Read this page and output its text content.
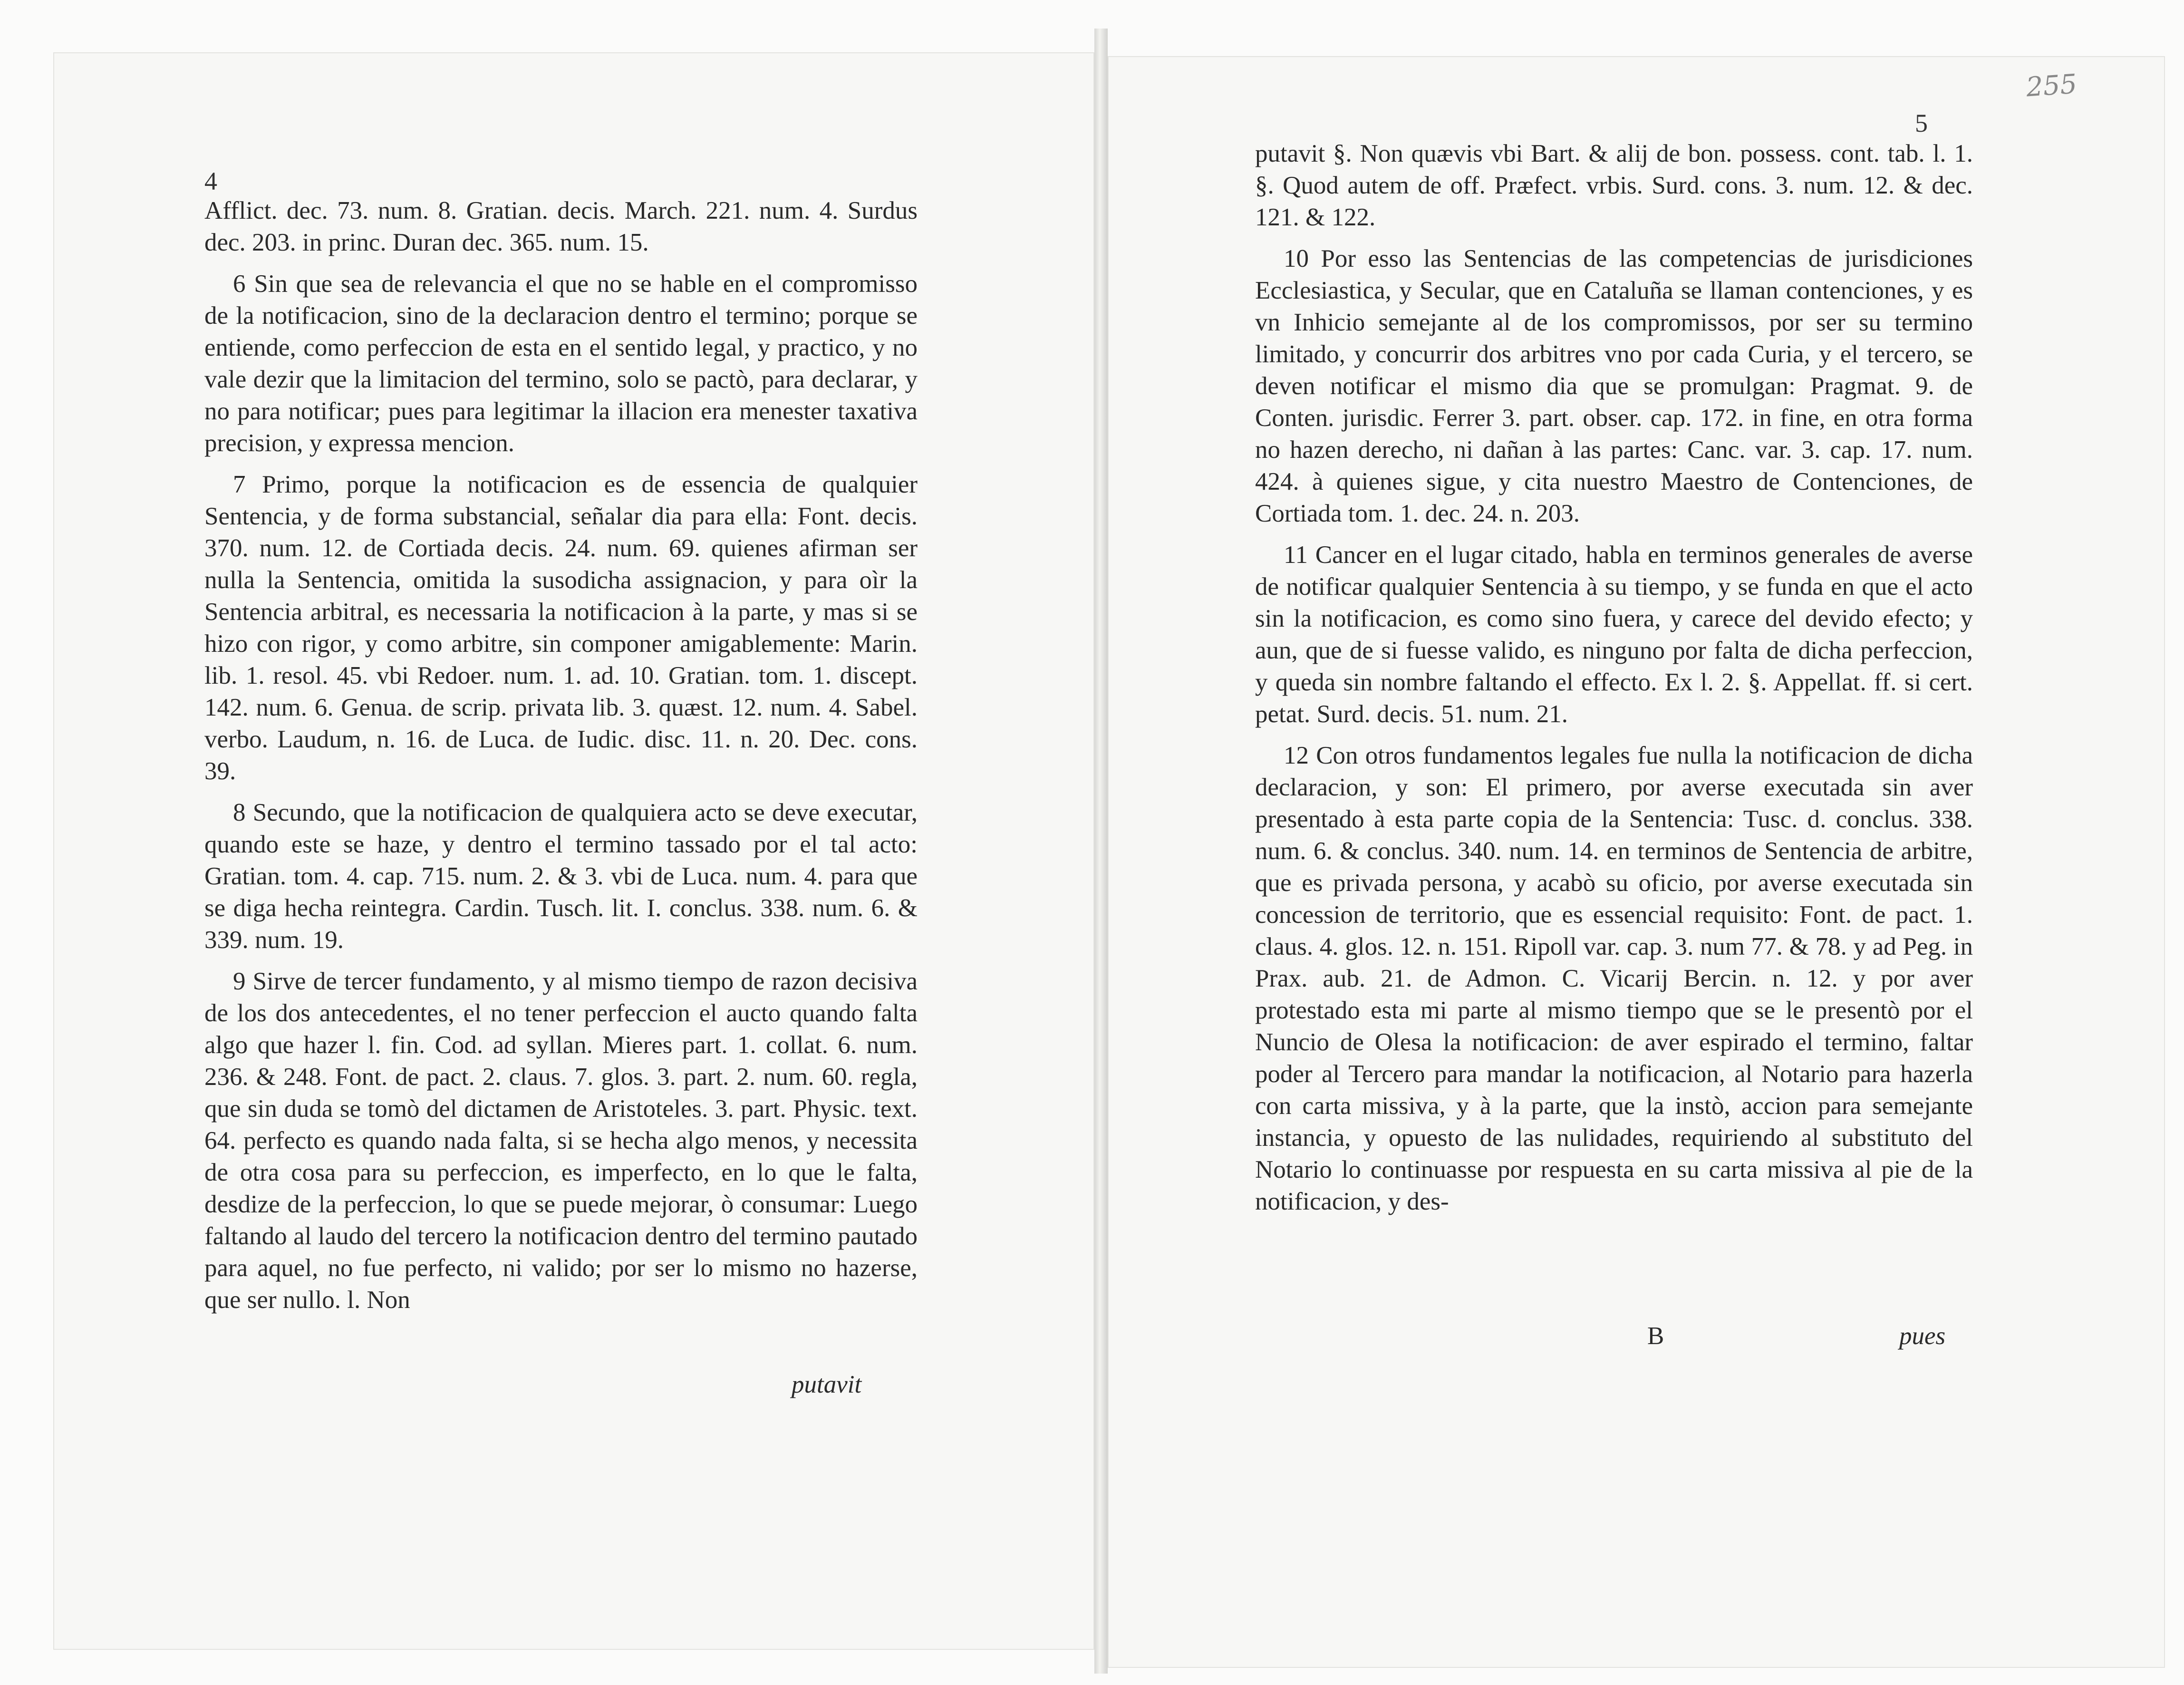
4

Afflict. dec. 73. num. 8. Gratian. decis. March. 221. num. 4. Surdus dec. 203. in princ. Duran dec. 365. num. 15.

6 Sin que sea de relevancia el que no se hable en el compromisso de la notificacion, sino de la declaracion dentro el termino; porque se entiende, como perfeccion de esta en el sentido legal, y practico, y no vale dezir que la limitacion del termino, solo se pactò, para declarar, y no para notificar; pues para legitimar la illacion era menester taxativa precision, y expressa mencion.

7 Primo, porque la notificacion es de essencia de qualquier Sentencia, y de forma substancial, señalar dia para ella: Font. decis. 370. num. 12. de Cortiada decis. 24. num. 69. quienes afirman ser nulla la Sentencia, omitida la susodicha assignacion, y para oìr la Sentencia arbitral, es necessaria la notificacion à la parte, y mas si se hizo con rigor, y como arbitre, sin componer amigablemente: Marin. lib. 1. resol. 45. vbi Redoer. num. 1. ad. 10. Gratian. tom. 1. discept. 142. num. 6. Genua. de scrip. privata lib. 3. quæst. 12. num. 4. Sabel. verbo. Laudum, n. 16. de Luca. de Iudic. disc. 11. n. 20. Dec. cons. 39.

8 Secundo, que la notificacion de qualquiera acto se deve executar, quando este se haze, y dentro el termino tassado por el tal acto: Gratian. tom. 4. cap. 715. num. 2. & 3. vbi de Luca. num. 4. para que se diga hecha reintegra. Cardin. Tusch. lit. I. conclus. 338. num. 6. & 339. num. 19.

9 Sirve de tercer fundamento, y al mismo tiempo de razon decisiva de los dos antecedentes, el no tener perfeccion el aucto quando falta algo que hazer l. fin. Cod. ad syllan. Mieres part. 1. collat. 6. num. 236. & 248. Font. de pact. 2. claus. 7. glos. 3. part. 2. num. 60. regla, que sin duda se tomò del dictamen de Aristoteles. 3. part. Physic. text. 64. perfecto es quando nada falta, si se hecha algo menos, y necessita de otra cosa para su perfeccion, es imperfecto, en lo que le falta, desdize de la perfeccion, lo que se puede mejorar, ò consumar: Luego faltando al laudo del tercero la notificacion dentro del termino pautado para aquel, no fue perfecto, ni valido; por ser lo mismo no hazerse, que ser nullo. l. Non

putavit
255
5

putavit §. Non quævis vbi Bart. & alij de bon. possess. cont. tab. l. 1. §. Quod autem de off. Præfect. vrbis. Surd. cons. 3. num. 12. & dec. 121. & 122.

10 Por esso las Sentencias de las competencias de jurisdiciones Ecclesiastica, y Secular, que en Cataluña se llaman contenciones, y es vn Inhicio semejante al de los compromissos, por ser su termino limitado, y concurrir dos arbitres vno por cada Curia, y el tercero, se deven notificar el mismo dia que se promulgan: Pragmat. 9. de Conten. jurisdic. Ferrer 3. part. obser. cap. 172. in fine, en otra forma no hazen derecho, ni dañan à las partes: Canc. var. 3. cap. 17. num. 424. à quienes sigue, y cita nuestro Maestro de Contenciones, de Cortiada tom. 1. dec. 24. n. 203.

11 Cancer en el lugar citado, habla en terminos generales de averse de notificar qualquier Sentencia à su tiempo, y se funda en que el acto sin la notificacion, es como sino fuera, y carece del devido efecto; y aun, que de si fuesse valido, es ninguno por falta de dicha perfeccion, y queda sin nombre faltando el effecto. Ex l. 2. §. Appellat. ff. si cert. petat. Surd. decis. 51. num. 21.

12 Con otros fundamentos legales fue nulla la notificacion de dicha declaracion, y son: El primero, por averse executada sin aver presentado à esta parte copia de la Sentencia: Tusc. d. conclus. 338. num. 6. & conclus. 340. num. 14. en terminos de Sentencia de arbitre, que es privada persona, y acabò su oficio, por averse executada sin concession de territorio, que es essencial requisito: Font. de pact. 1. claus. 4. glos. 12. n. 151. Ripoll var. cap. 3. num 77. & 78. y ad Peg. in Prax. aub. 21. de Admon. C. Vicarij Bercin. n. 12. y por aver protestado esta mi parte al mismo tiempo que se le presentò por el Nuncio de Olesa la notificacion: de aver espirado el termino, faltar poder al Tercero para mandar la notificacion, al Notario para hazerla con carta missiva, y à la parte, que la instò, accion para semejante instancia, y opuesto de las nulidades, requiriendo al substituto del Notario lo continuasse por respuesta en su carta missiva al pie de la notificacion, y des-

B	pues
